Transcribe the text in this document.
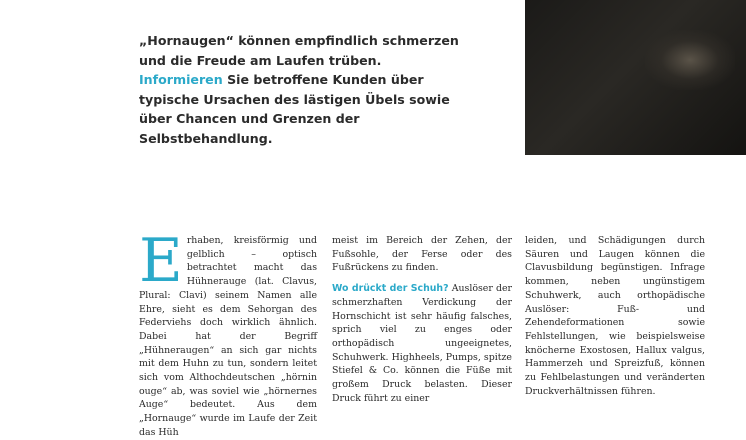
„Hornaugen“ können empfindlich schmerzen und die Freude am Laufen trüben. Informieren Sie betroffene Kunden über typische Ursachen des lästigen Übels sowie über Chancen und Grenzen der Selbstbehandlung.
E rhaben, kreisförmig und gelblich – optisch betrachtet macht das Hühnerauge (lat. Clavus, Plural: Clavi) seinem Namen alle Ehre, sieht es dem Sehorgan des Federviehs doch wirklich ähnlich. Dabei hat der Begriff „Hühneraugen“ an sich gar nichts mit dem Huhn zu tun, sondern leitet sich vom Althochdeutschen „hörnin ouge“ ab, was soviel wie „hörnernes Auge“ bedeutet. Aus dem „Hornauge“ wurde im Laufe der Zeit das Hüh

meist im Bereich der Zehen, der Fußsohle, der Ferse oder des Fußrückens zu finden.

Wo drückt der Schuh? Auslöser der schmerzhaften Verdickung der Hornschicht ist sehr häufig falsches, sprich viel zu enges oder orthopädisch ungeeignetes, Schuhwerk. Highheels, Pumps, spitze Stiefel & Co. können die Füße mit großem Druck belasten. Dieser Druck führt zu einer

leiden, und Schädigungen durch Säuren und Laugen können die Clavusbildung begünstigen. Infrage kommen, neben ungünstigem Schuhwerk, auch orthopädische Auslöser: Fuß- und Zehendeformationen sowie Fehlstellungen, wie beispielsweise knöcherne Exostosen, Hallux valgus, Hammerzeh und Spreizfuß, können zu Fehlbelastungen und veränderten Druckverhältnissen führen.
